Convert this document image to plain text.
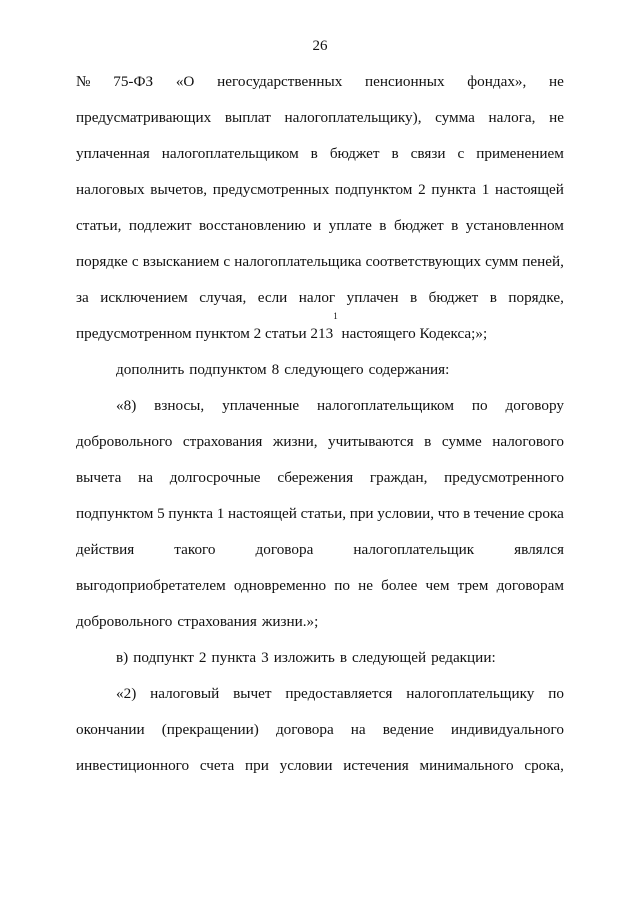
26
№ 75-ФЗ «О негосударственных пенсионных фондах», не
предусматривающих выплат налогоплательщику), сумма налога, не
уплаченная налогоплательщиком в бюджет в связи с применением
налоговых вычетов, предусмотренных подпунктом 2 пункта 1 настоящей
статьи, подлежит восстановлению и уплате в бюджет в установленном
порядке с взысканием с налогоплательщика соответствующих сумм пеней,
за исключением случая, если налог уплачен в бюджет в порядке,
предусмотренном пунктом 2 статьи 213
1
настоящего Кодекса;»;
дополнить подпунктом 8 следующего содержания:
«8) взносы, уплаченные налогоплательщиком по договору
добровольного страхования жизни, учитываются в сумме налогового
вычета на долгосрочные сбережения граждан, предусмотренного
подпунктом 5 пункта 1 настоящей статьи, при условии, что в течение срока
действия	такого	договора	налогоплательщик	являлся
выгодоприобретателем одновременно по не более чем трем договорам
добровольного страхования жизни.»;
в) подпункт 2 пункта 3 изложить в следующей редакции:
«2) налоговый вычет предоставляется налогоплательщику по
окончании (прекращении) договора на ведение индивидуального
инвестиционного счета при условии истечения минимального срока,
